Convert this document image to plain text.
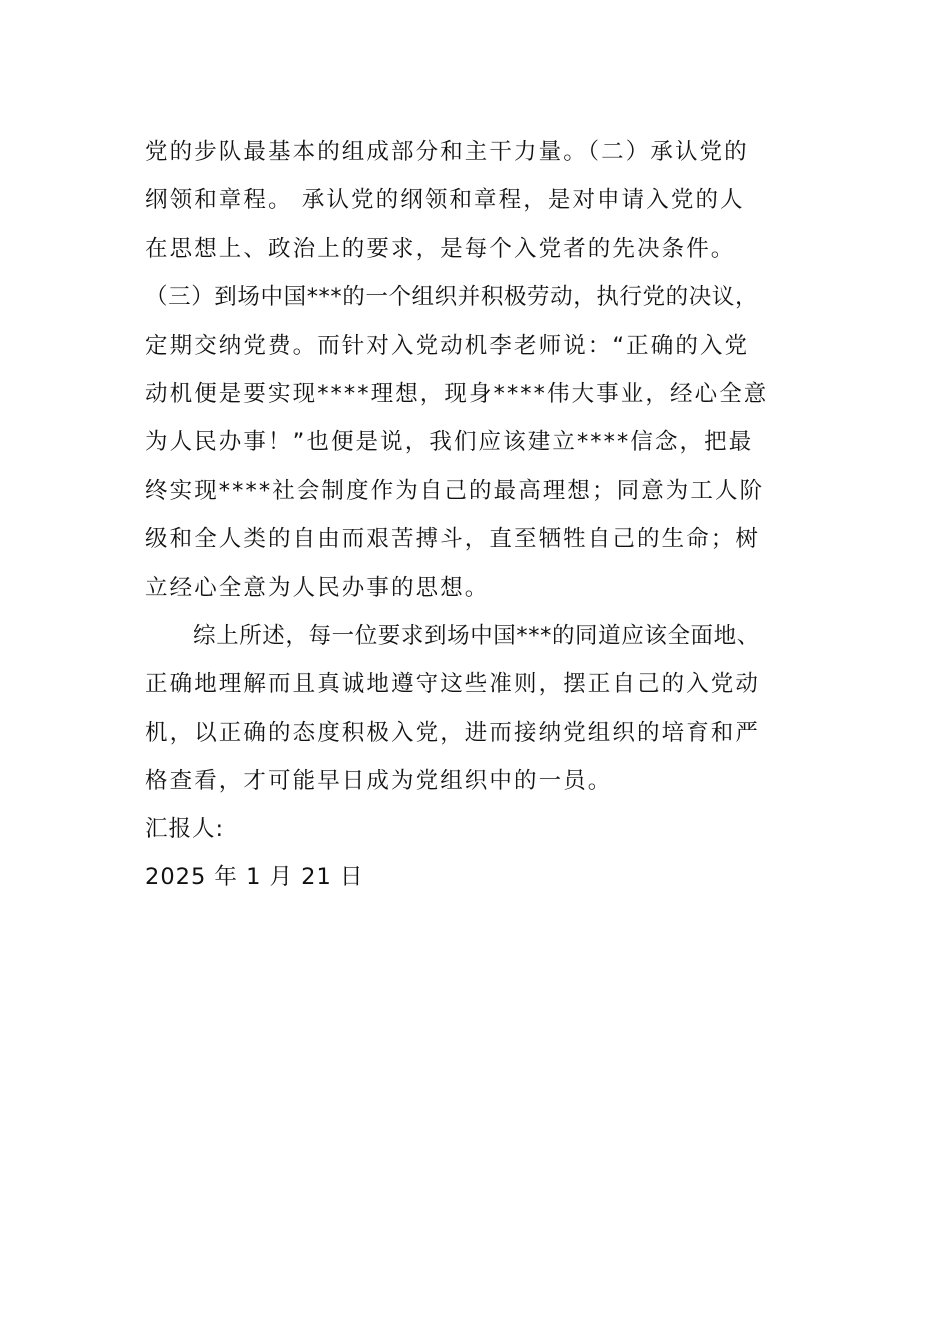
党的步队最基本的组成部分和主干力量。（二）承认党的
纲领和章程。 承认党的纲领和章程，是对申请入党的人
在思想上、政治上的要求，是每个入党者的先决条件。
（三）到场中国***的一个组织并积极劳动，执行党的决议，
定期交纳党费。而针对入党动机李老师说：“正确的入党
动机便是要实现****理想，现身****伟大事业，经心全意
为人民办事！”也便是说，我们应该建立****信念，把最
终实现****社会制度作为自己的最高理想；同意为工人阶
级和全人类的自由而艰苦搏斗，直至牺牲自己的生命；树
立经心全意为人民办事的思想。
综上所述，每一位要求到场中国***的同道应该全面地、
正确地理解而且真诚地遵守这些准则，摆正自己的入党动
机，以正确的态度积极入党，进而接纳党组织的培育和严
格查看，才可能早日成为党组织中的一员。
汇报人:
2025 年 1 月 21 日
